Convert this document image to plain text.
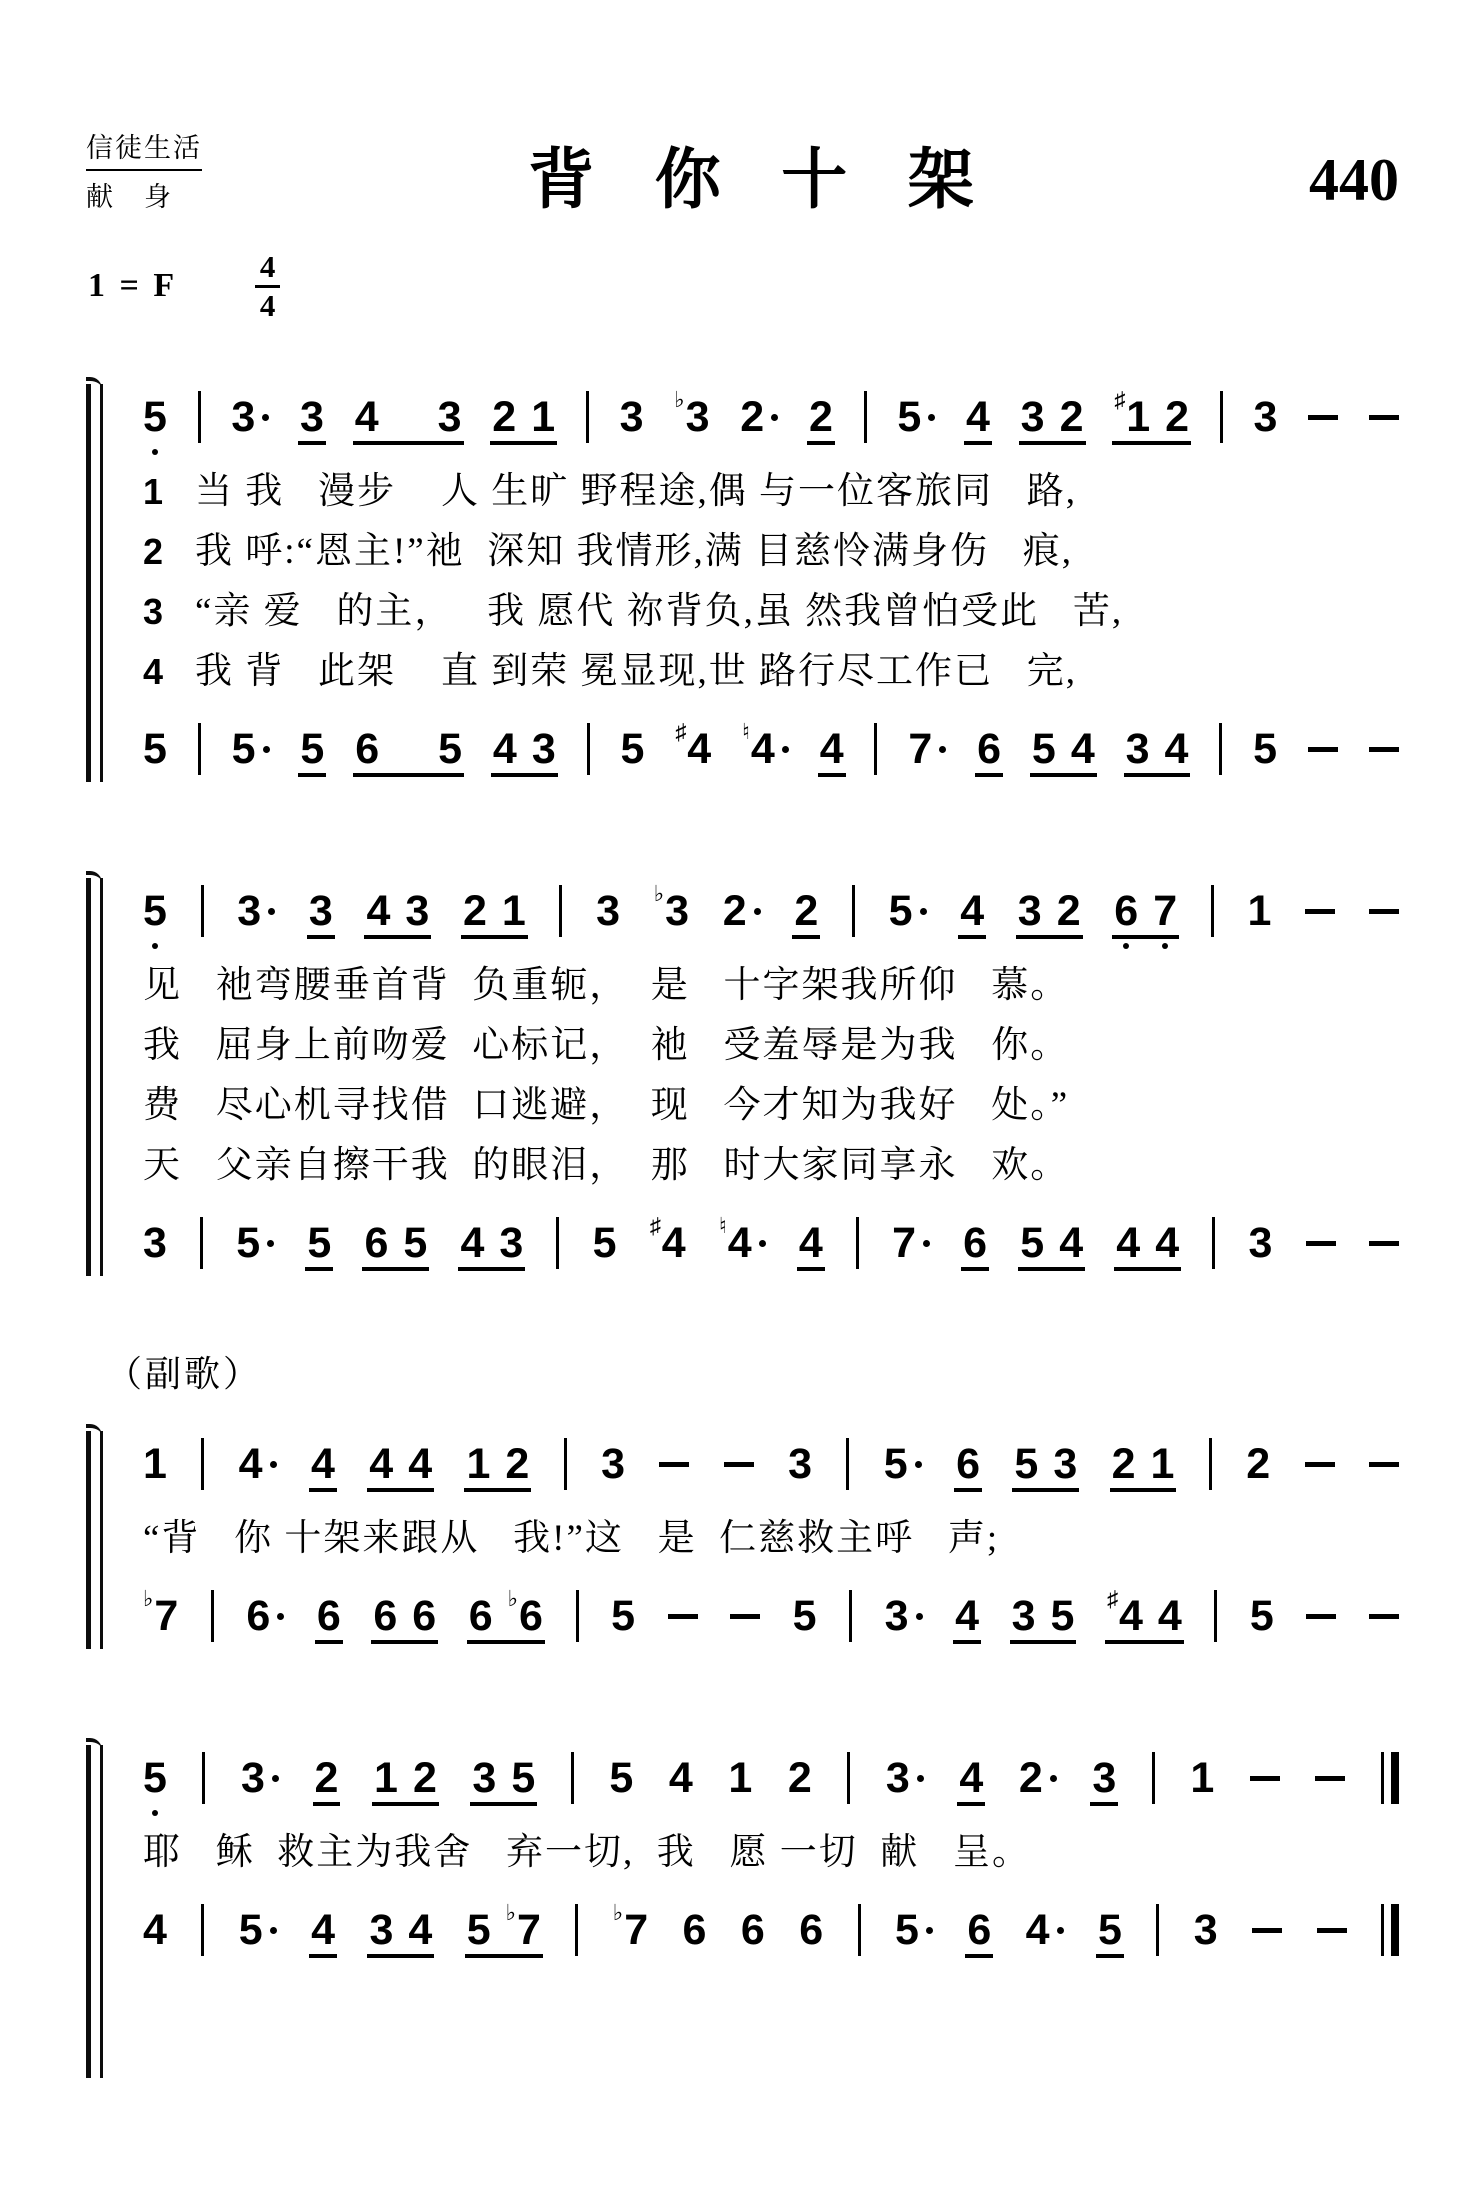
信徒生活
献　身	背 你 十 架	440
1 = F
4
4
5 3 3 4 3 2 1 3 ♭ 3 2 2 5 4 3 2 ♯ 1 2 3
1 当 我   漫步    人 生旷 野程途,偶 与一位客旅同   路,
2 我 呼:“恩主!”祂  深知 我情形,满 目慈怜满身伤   痕,
3 “亲 爱   的主，   我 愿代 祢背负,虽 然我曾怕受此   苦,
4 我 背   此架    直 到荣 冕显现,世 路行尽工作已   完,
5 5 5 6 5 4 3 5 ♯ 4 ♮ 4 4 7 6 5 4 3 4 5
5 3 3 4 3 2 1 3 ♭ 3 2 2 5 4 3 2 6 7 1
见   祂弯腰垂首背  负重轭，  是   十字架我所仰   慕。
我   屈身上前吻爱  心标记，  祂   受羞辱是为我   你。
费   尽心机寻找借  口逃避，  现   今才知为我好   处。”
天   父亲自擦干我  的眼泪，  那   时大家同享永   欢。
3 5 5 6 5 4 3 5 ♯ 4 ♮ 4 4 7 6 5 4 4 4 3
（副歌）
1 4 4 4 4 1 2 3	3 5 6 5 3 2 1 2
“背   你 十架来跟从   我!”这   是  仁慈救主呼   声;
♭ 7 6 6 6 6 6 ♭ 6 5	5 3 4 3 5 ♯ 4 4 5
5 3 2 1 2 3 5 5 4 1 2 3 4 2 3 1
耶   稣  救主为我舍   弃一切,  我   愿 一切  献   呈。
4 5 4 3 4 5 ♭ 7	♭ 7 6 6 6 5 6 4 5 3
